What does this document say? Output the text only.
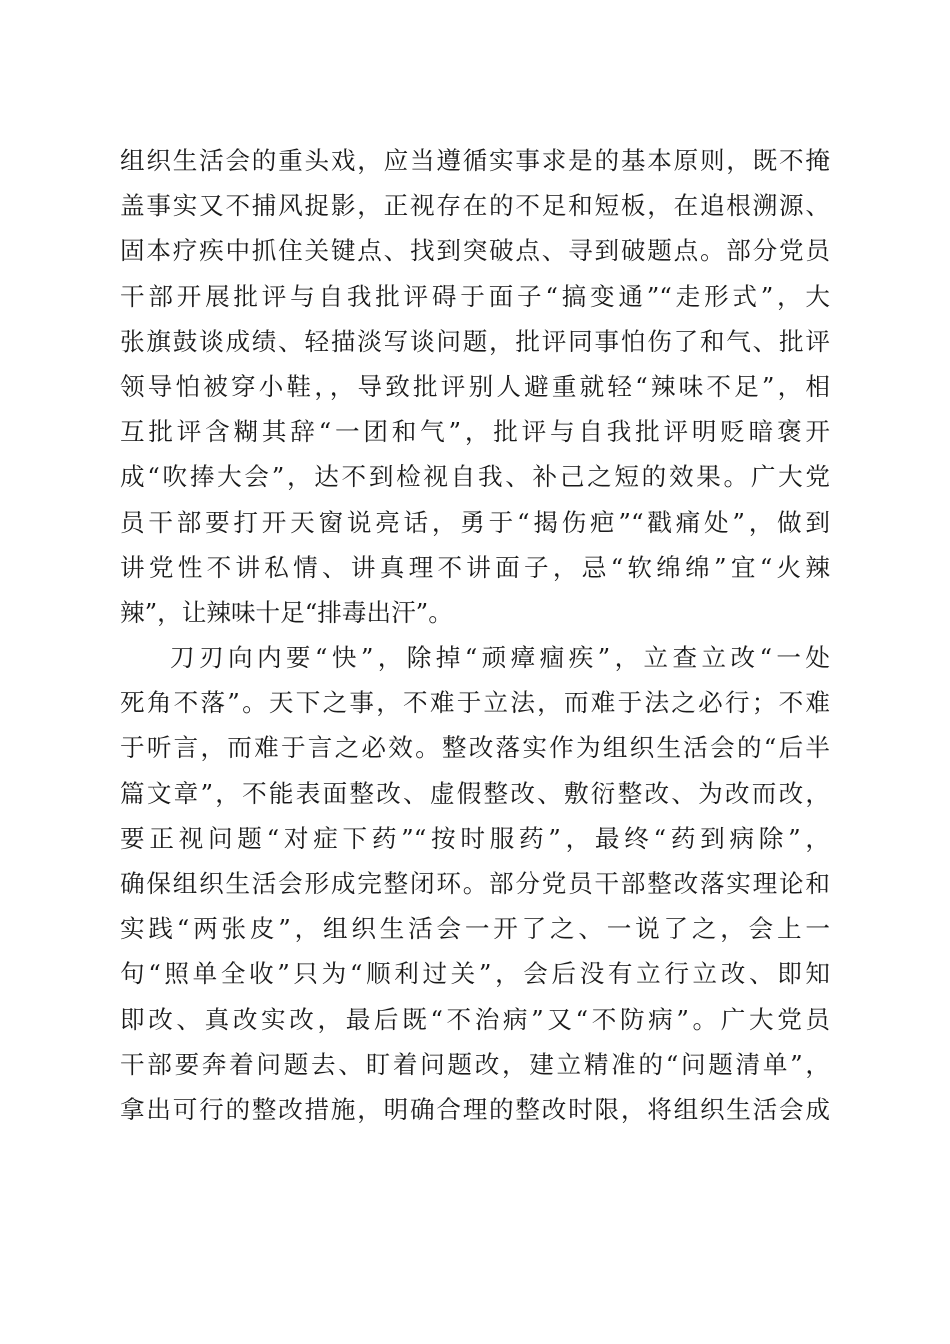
组织生活会的重头戏，应当遵循实事求是的基本原则，既不掩
盖事实又不捕风捉影，正视存在的不足和短板，在追根溯源、
固本疗疾中抓住关键点、找到突破点、寻到破题点。部分党员
干部开展批评与自我批评碍于面子“搞变通”“走形式”，大
张旗鼓谈成绩、轻描淡写谈问题，批评同事怕伤了和气、批评
领导怕被穿小鞋，，导致批评别人避重就轻“辣味不足”，相
互批评含糊其辞“一团和气”，批评与自我批评明贬暗褒开
成“吹捧大会”，达不到检视自我、补己之短的效果。广大党
员干部要打开天窗说亮话，勇于“揭伤疤”“戳痛处”，做到
讲党性不讲私情、讲真理不讲面子，忌“软绵绵”宜“火辣
辣”，让辣味十足“排毒出汗”。
刀刃向内要“快”，除掉“顽瘴痼疾”，立查立改“一处
死角不落”。天下之事，不难于立法，而难于法之必行；不难
于听言，而难于言之必效。整改落实作为组织生活会的“后半
篇文章”，不能表面整改、虚假整改、敷衍整改、为改而改，
要正视问题“对症下药”“按时服药”，最终“药到病除”，
确保组织生活会形成完整闭环。部分党员干部整改落实理论和
实践“两张皮”，组织生活会一开了之、一说了之，会上一
句“照单全收”只为“顺利过关”，会后没有立行立改、即知
即改、真改实改，最后既“不治病”又“不防病”。广大党员
干部要奔着问题去、盯着问题改，建立精准的“问题清单”，
拿出可行的整改措施，明确合理的整改时限，将组织生活会成
